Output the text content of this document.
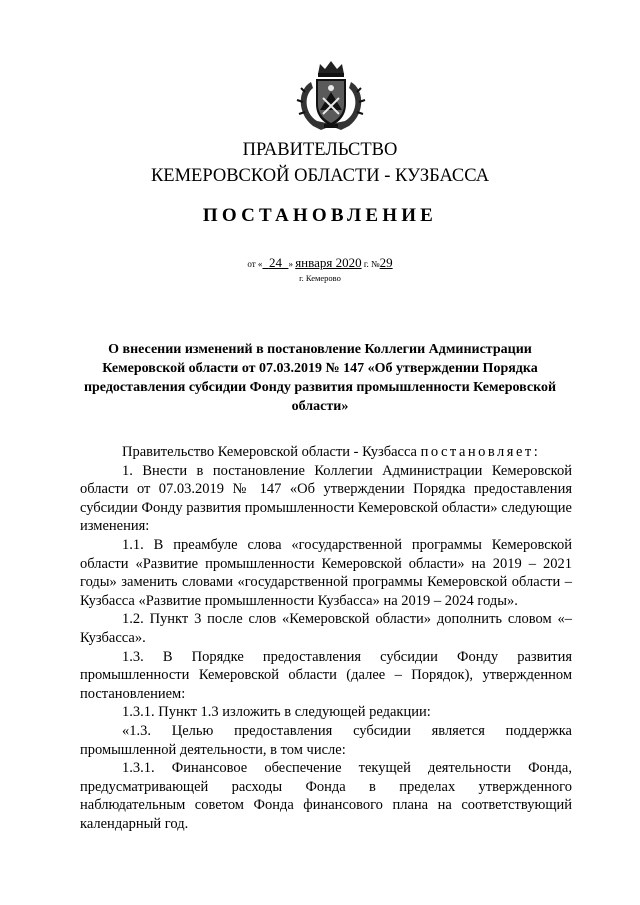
ПРАВИТЕЛЬСТВО
КЕМЕРОВСКОЙ ОБЛАСТИ - КУЗБАССА
ПОСТАНОВЛЕНИЕ
от « 24 » января 2020 г. №29
г. Кемерово
О внесении изменений в постановление Коллегии Администрации Кемеровской области от 07.03.2019 № 147 «Об утверждении Порядка предоставления субсидии Фонду развития промышленности Кемеровской области»

Правительство Кемеровской области - Кузбасса постановляет:

1. Внести в постановление Коллегии Администрации Кемеровской области от 07.03.2019 № 147 «Об утверждении Порядка предоставления субсидии Фонду развития промышленности Кемеровской области» следующие изменения:

1.1. В преамбуле слова «государственной программы Кемеровской области «Развитие промышленности Кемеровской области» на 2019 – 2021 годы» заменить словами «государственной программы Кемеровской области – Кузбасса «Развитие промышленности Кузбасса» на 2019 – 2024 годы».

1.2. Пункт 3 после слов «Кемеровской области» дополнить словом «– Кузбасса».

1.3. В Порядке предоставления субсидии Фонду развития промышленности Кемеровской области (далее – Порядок), утвержденном постановлением:

1.3.1. Пункт 1.3 изложить в следующей редакции:

«1.3. Целью предоставления субсидии является поддержка промышленной деятельности, в том числе:

1.3.1. Финансовое обеспечение текущей деятельности Фонда, предусматривающей расходы Фонда в пределах утвержденного наблюдательным советом Фонда финансового плана на соответствующий календарный год.
